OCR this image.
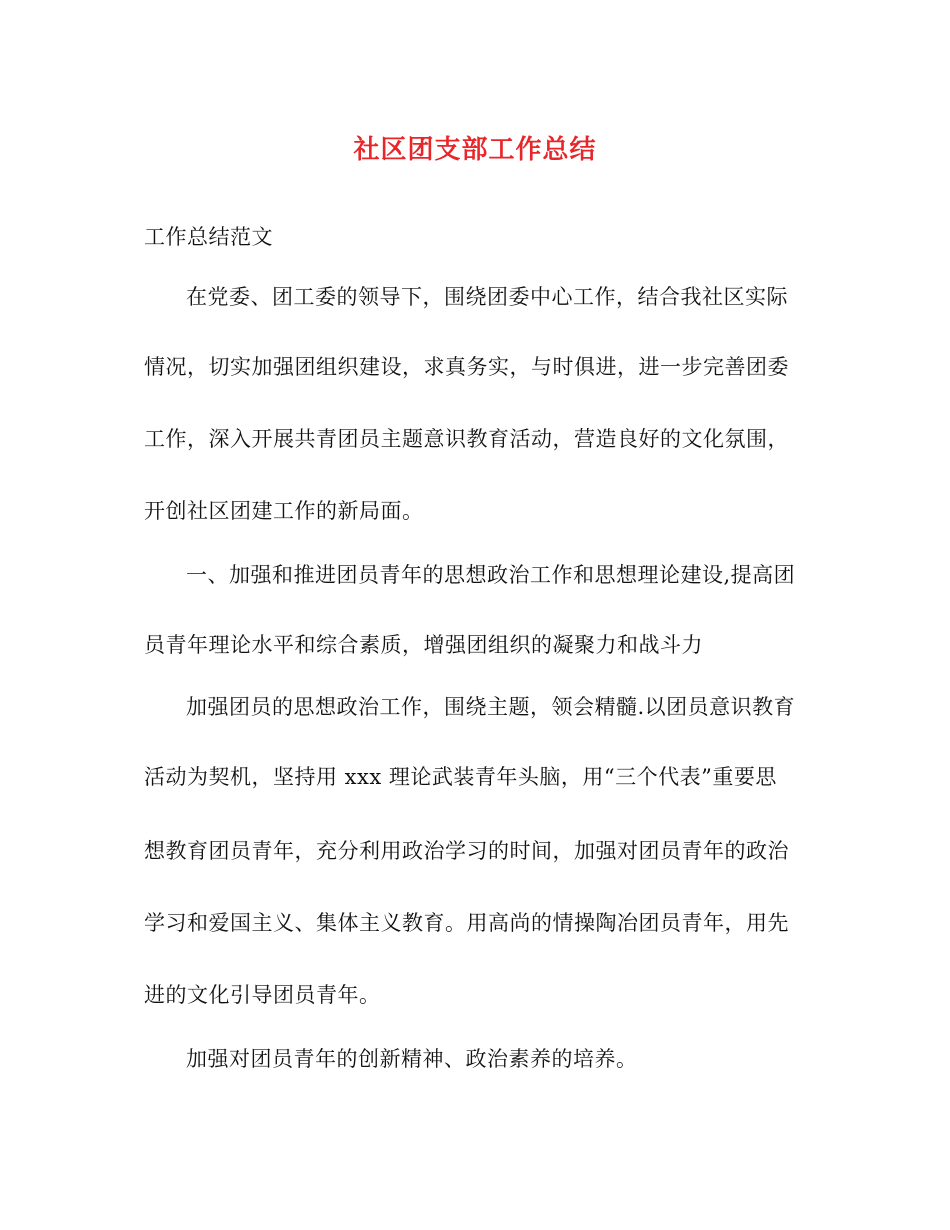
社区团支部工作总结
工作总结范文
在党委、团工委的领导下，围绕团委中心工作，结合我社区实际
情况，切实加强团组织建设，求真务实，与时俱进，进一步完善团委
工作，深入开展共青团员主题意识教育活动，营造良好的文化氛围，
开创社区团建工作的新局面。
一、加强和推进团员青年的思想政治工作和思想理论建设,提高团
员青年理论水平和综合素质，增强团组织的凝聚力和战斗力
加强团员的思想政治工作，围绕主题，领会精髓.以团员意识教育
活动为契机，坚持用 xxx 理论武装青年头脑，用“三个代表”重要思
想教育团员青年，充分利用政治学习的时间，加强对团员青年的政治
学习和爱国主义、集体主义教育。用高尚的情操陶冶团员青年，用先
进的文化引导团员青年。
加强对团员青年的创新精神、政治素养的培养。
